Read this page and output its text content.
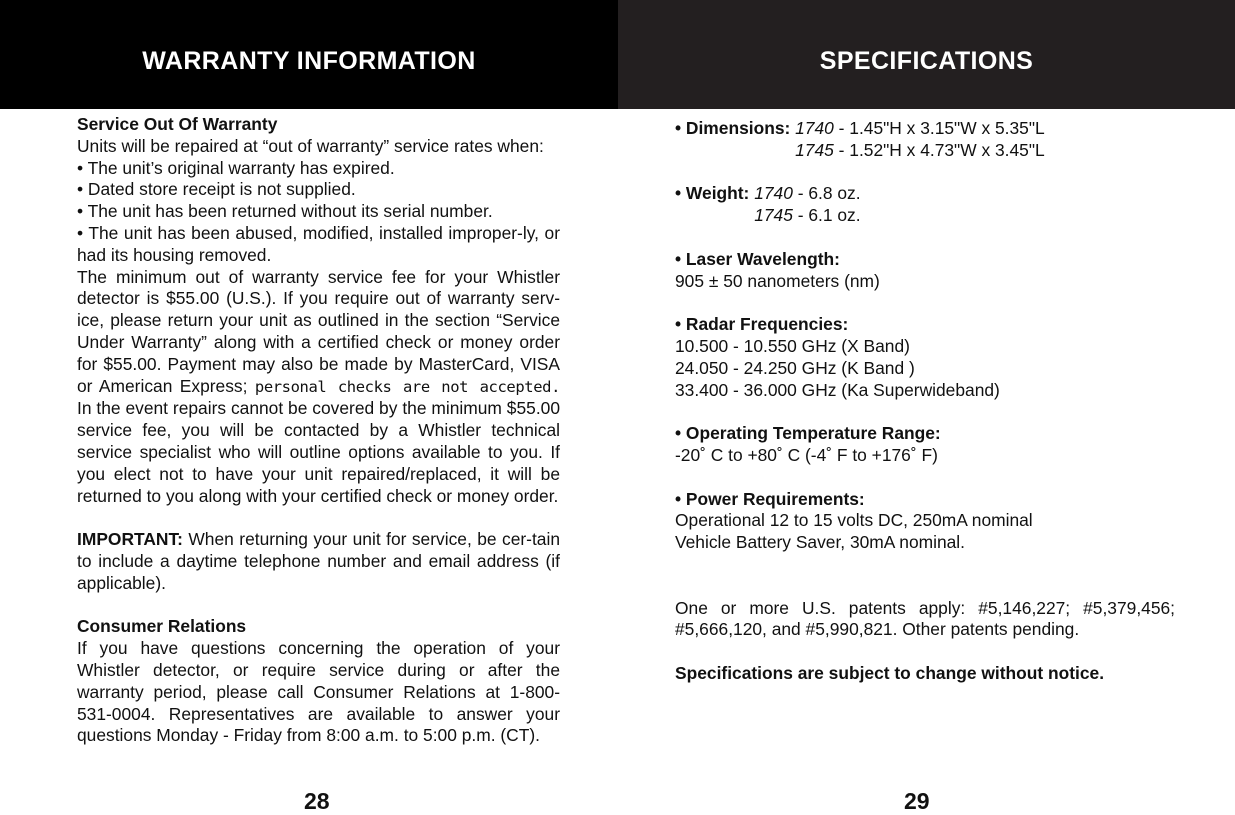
WARRANTY INFORMATION

Service Out Of Warranty

Units will be repaired at “out of warranty” service rates when:

• The unit’s original warranty has expired.

• Dated store receipt is not supplied.

• The unit has been returned without its serial number.

• The unit has been abused, modified, installed improper-ly, or had its housing removed.

The minimum out of warranty service fee for your Whistler detector is $55.00 (U.S.). If you require out of warranty serv-ice, please return your unit as outlined in the section “Service Under Warranty” along with a certified check or money order for $55.00. Payment may also be made by MasterCard, VISA or American Express; personal checks are not accepted. In the event repairs cannot be covered by the minimum $55.00 service fee, you will be contacted by a Whistler technical service specialist who will outline options available to you. If you elect not to have your unit repaired/replaced, it will be returned to you along with your certified check or money order.

IMPORTANT: When returning your unit for service, be cer-tain to include a daytime telephone number and email address (if applicable).

Consumer Relations

If you have questions concerning the operation of your Whistler detector, or require service during or after the warranty period, please call Consumer Relations at 1-800-531-0004. Representatives are available to answer your questions Monday - Friday from 8:00 a.m. to 5:00 p.m. (CT).

28
SPECIFICATIONS
• Dimensions: 1740 - 1.45"H x 3.15"W x 5.35"L
1745 - 1.52"H x 4.73"W x 3.45"L
• Weight: 1740 - 6.8 oz.
1745 - 6.1 oz.

• Laser Wavelength:

905 ± 50 nanometers (nm)

• Radar Frequencies:

10.500 - 10.550 GHz (X Band)

24.050 - 24.250 GHz (K Band )

33.400 - 36.000 GHz (Ka Superwideband)

• Operating Temperature Range:

-20˚ C to +80˚ C (-4˚ F to +176˚ F)

• Power Requirements:

Operational 12 to 15 volts DC, 250mA nominal

Vehicle Battery Saver, 30mA nominal.

One or more U.S. patents apply: #5,146,227; #5,379,456; #5,666,120, and #5,990,821. Other patents pending.

Specifications are subject to change without notice.

29
